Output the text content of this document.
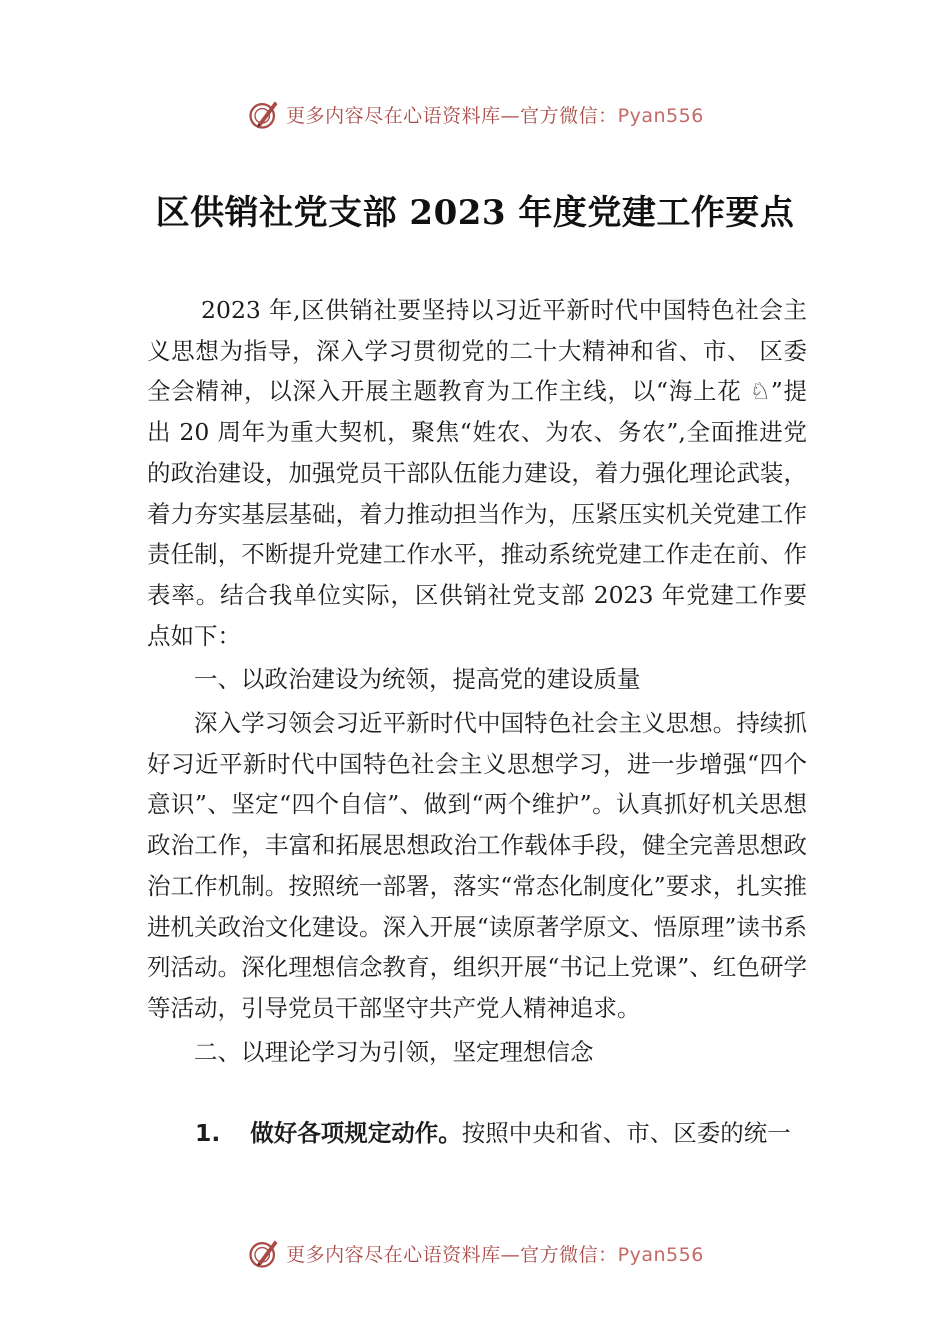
更多内容尽在心语资料库—官方微信：Pyan556
区供销社党支部 2023 年度党建工作要点

2023 年,区供销社要坚持以习近平新时代中国特色社会主义思想为指导，深入学习贯彻党的二十大精神和省、市、 区委全会精神，以深入开展主题教育为工作主线，以“海上花 ♘”提出 20 周年为重大契机，聚焦“姓农、为农、务农”,全面推进党的政治建设，加强党员干部队伍能力建设，着力强化理论武装，着力夯实基层基础，着力推动担当作为，压紧压实机关党建工作责任制，不断提升党建工作水平，推动系统党建工作走在前、作表率。结合我单位实际，区供销社党支部 2023 年党建工作要点如下：

一、以政治建设为统领，提高党的建设质量

深入学习领会习近平新时代中国特色社会主义思想。持续抓好习近平新时代中国特色社会主义思想学习，进一步增强“四个意识”、坚定“四个自信”、做到“两个维护”。认真抓好机关思想政治工作，丰富和拓展思想政治工作载体手段，健全完善思想政治工作机制。按照统一部署，落实“常态化制度化”要求，扎实推进机关政治文化建设。深入开展“读原著学原文、悟原理”读书系列活动。深化理想信念教育，组织开展“书记上党课”、红色研学等活动，引导党员干部坚守共产党人精神追求。

二、以理论学习为引领，坚定理想信念

1. 做好各项规定动作。按照中央和省、市、区委的统一
更多内容尽在心语资料库—官方微信：Pyan556
